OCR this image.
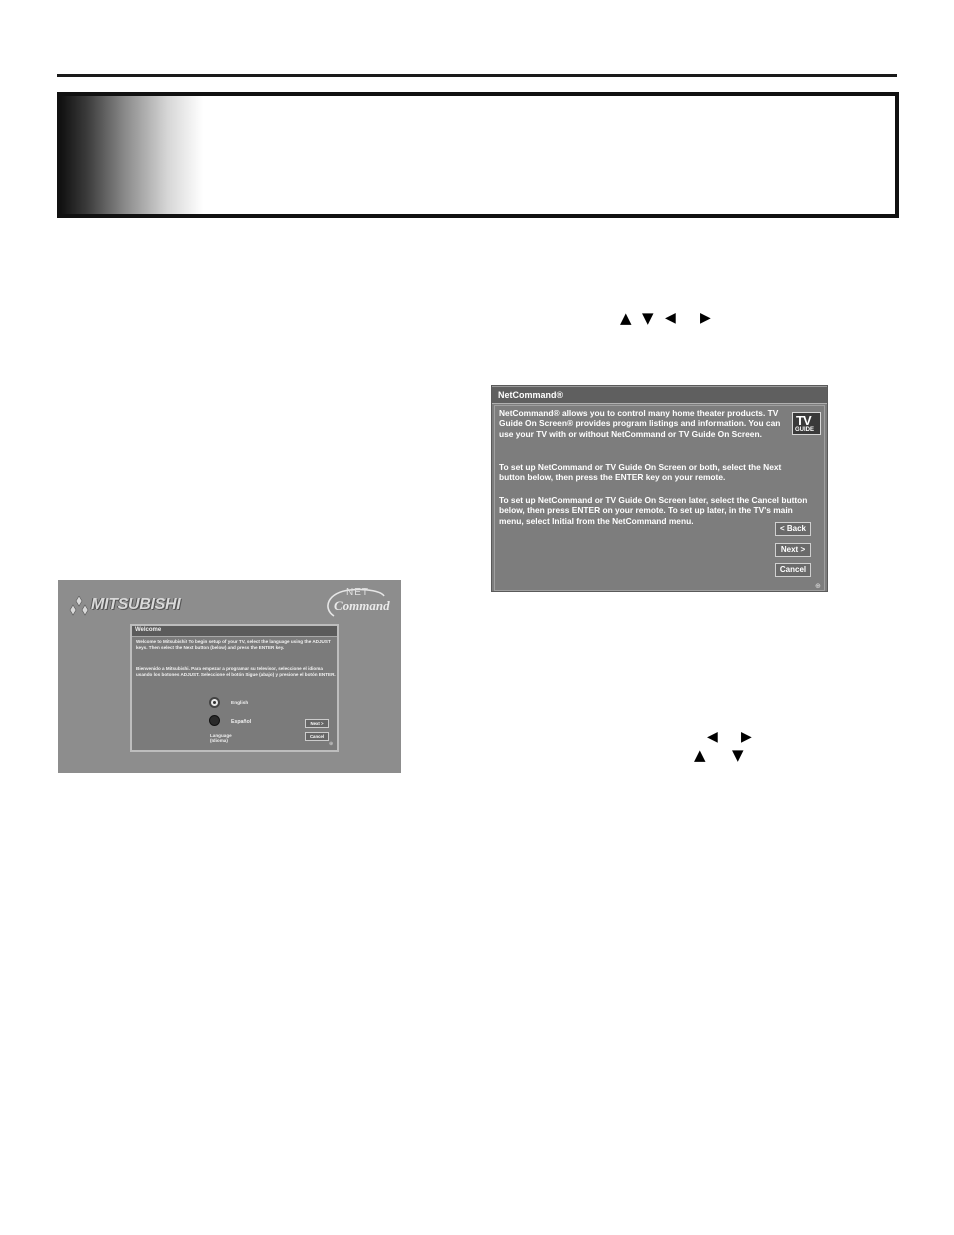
▲ ▼ ◀ ▶
◀ ▶
▲ ▼
MITSUBISHI
NET
Command
Welcome
Welcome to Mitsubishi! To begin setup of your TV, select the language using the ADJUST keys. Then select the Next button (below) and press the ENTER key.
Bienvenido a Mitsubishi. Para empezar a programar su televisor, seleccione el idioma usando los botones ADJUST. Seleccione el botón Sigue (abajo) y presione el botón ENTER.
English
Español
Language (Idioma)
Next >
Cancel
⊕
NetCommand®
NetCommand® allows you to control many home theater products. TV Guide On Screen® provides program listings and information. You can use your TV with or without NetCommand or TV Guide On Screen.
To set up NetCommand or TV Guide On Screen or both, select the Next button below, then press the ENTER key on your remote.
To set up NetCommand or TV Guide On Screen later, select the Cancel button below, then press ENTER on your remote. To set up later, in the TV's main menu, select Initial from the NetCommand menu.
TV
GUIDE
< Back
Next >
Cancel
⊕
